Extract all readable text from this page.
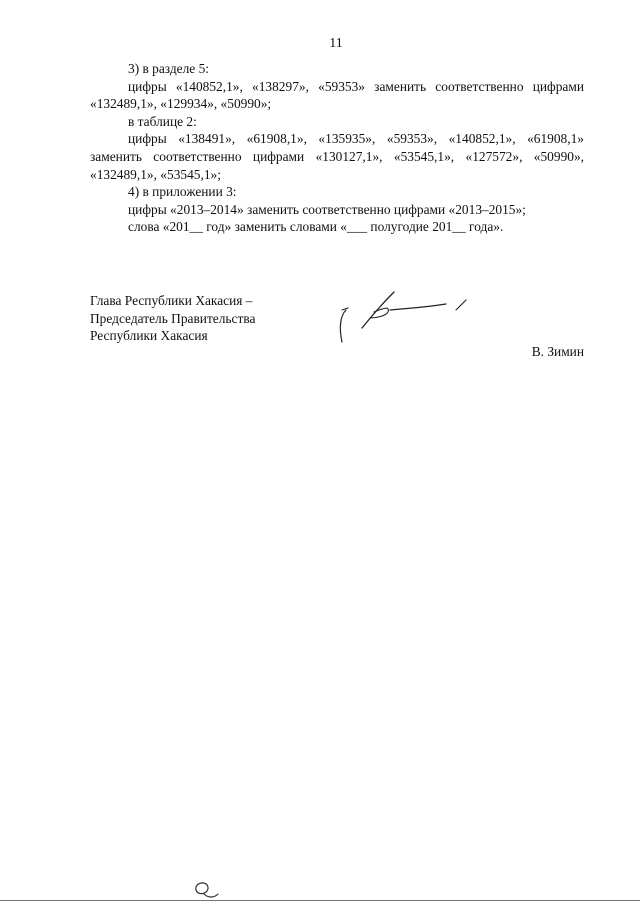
11

3) в разделе 5:

цифры «140852,1», «138297», «59353» заменить соответственно цифрами «132489,1», «129934», «50990»;

в таблице 2:

цифры «138491», «61908,1», «135935», «59353», «140852,1», «61908,1» заменить соответственно цифрами «130127,1», «53545,1», «127572», «50990», «132489,1», «53545,1»;

4) в приложении 3:

цифры «2013–2014» заменить соответственно цифрами «2013–2015»;

слова «201__ год» заменить словами «___ полугодие 201__ года».

Глава Республики Хакасия –
Председатель Правительства
Республики Хакасия
В. Зимин
